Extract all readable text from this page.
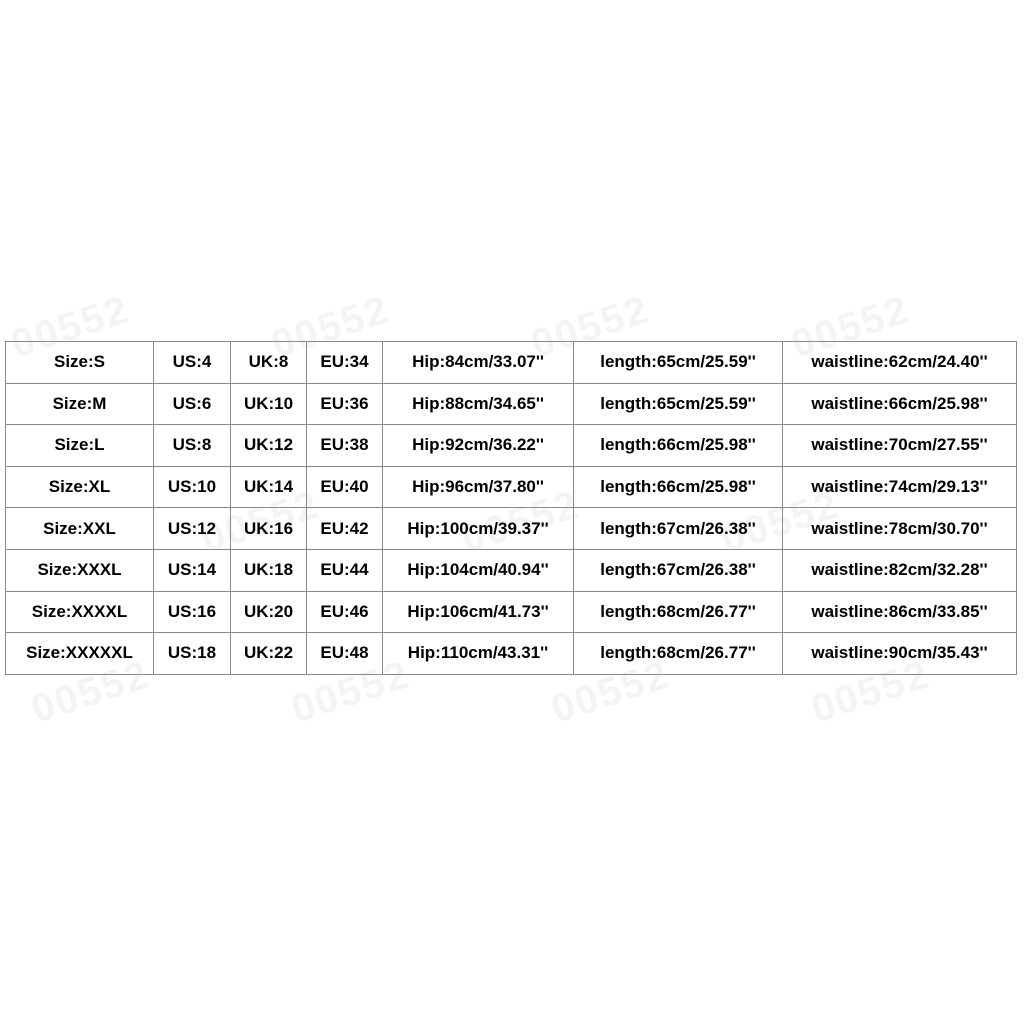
Size:S	US:4	UK:8	EU:34	Hip:84cm/33.07''	length:65cm/25.59''	waistline:62cm/24.40''
Size:M	US:6	UK:10	EU:36	Hip:88cm/34.65''	length:65cm/25.59''	waistline:66cm/25.98''
Size:L	US:8	UK:12	EU:38	Hip:92cm/36.22''	length:66cm/25.98''	waistline:70cm/27.55''
Size:XL	US:10	UK:14	EU:40	Hip:96cm/37.80''	length:66cm/25.98''	waistline:74cm/29.13''
Size:XXL	US:12	UK:16	EU:42	Hip:100cm/39.37''	length:67cm/26.38''	waistline:78cm/30.70''
Size:XXXL	US:14	UK:18	EU:44	Hip:104cm/40.94''	length:67cm/26.38''	waistline:82cm/32.28''
Size:XXXXL	US:16	UK:20	EU:46	Hip:106cm/41.73''	length:68cm/26.77''	waistline:86cm/33.85''
Size:XXXXXL	US:18	UK:22	EU:48	Hip:110cm/43.31''	length:68cm/26.77''	waistline:90cm/35.43''
